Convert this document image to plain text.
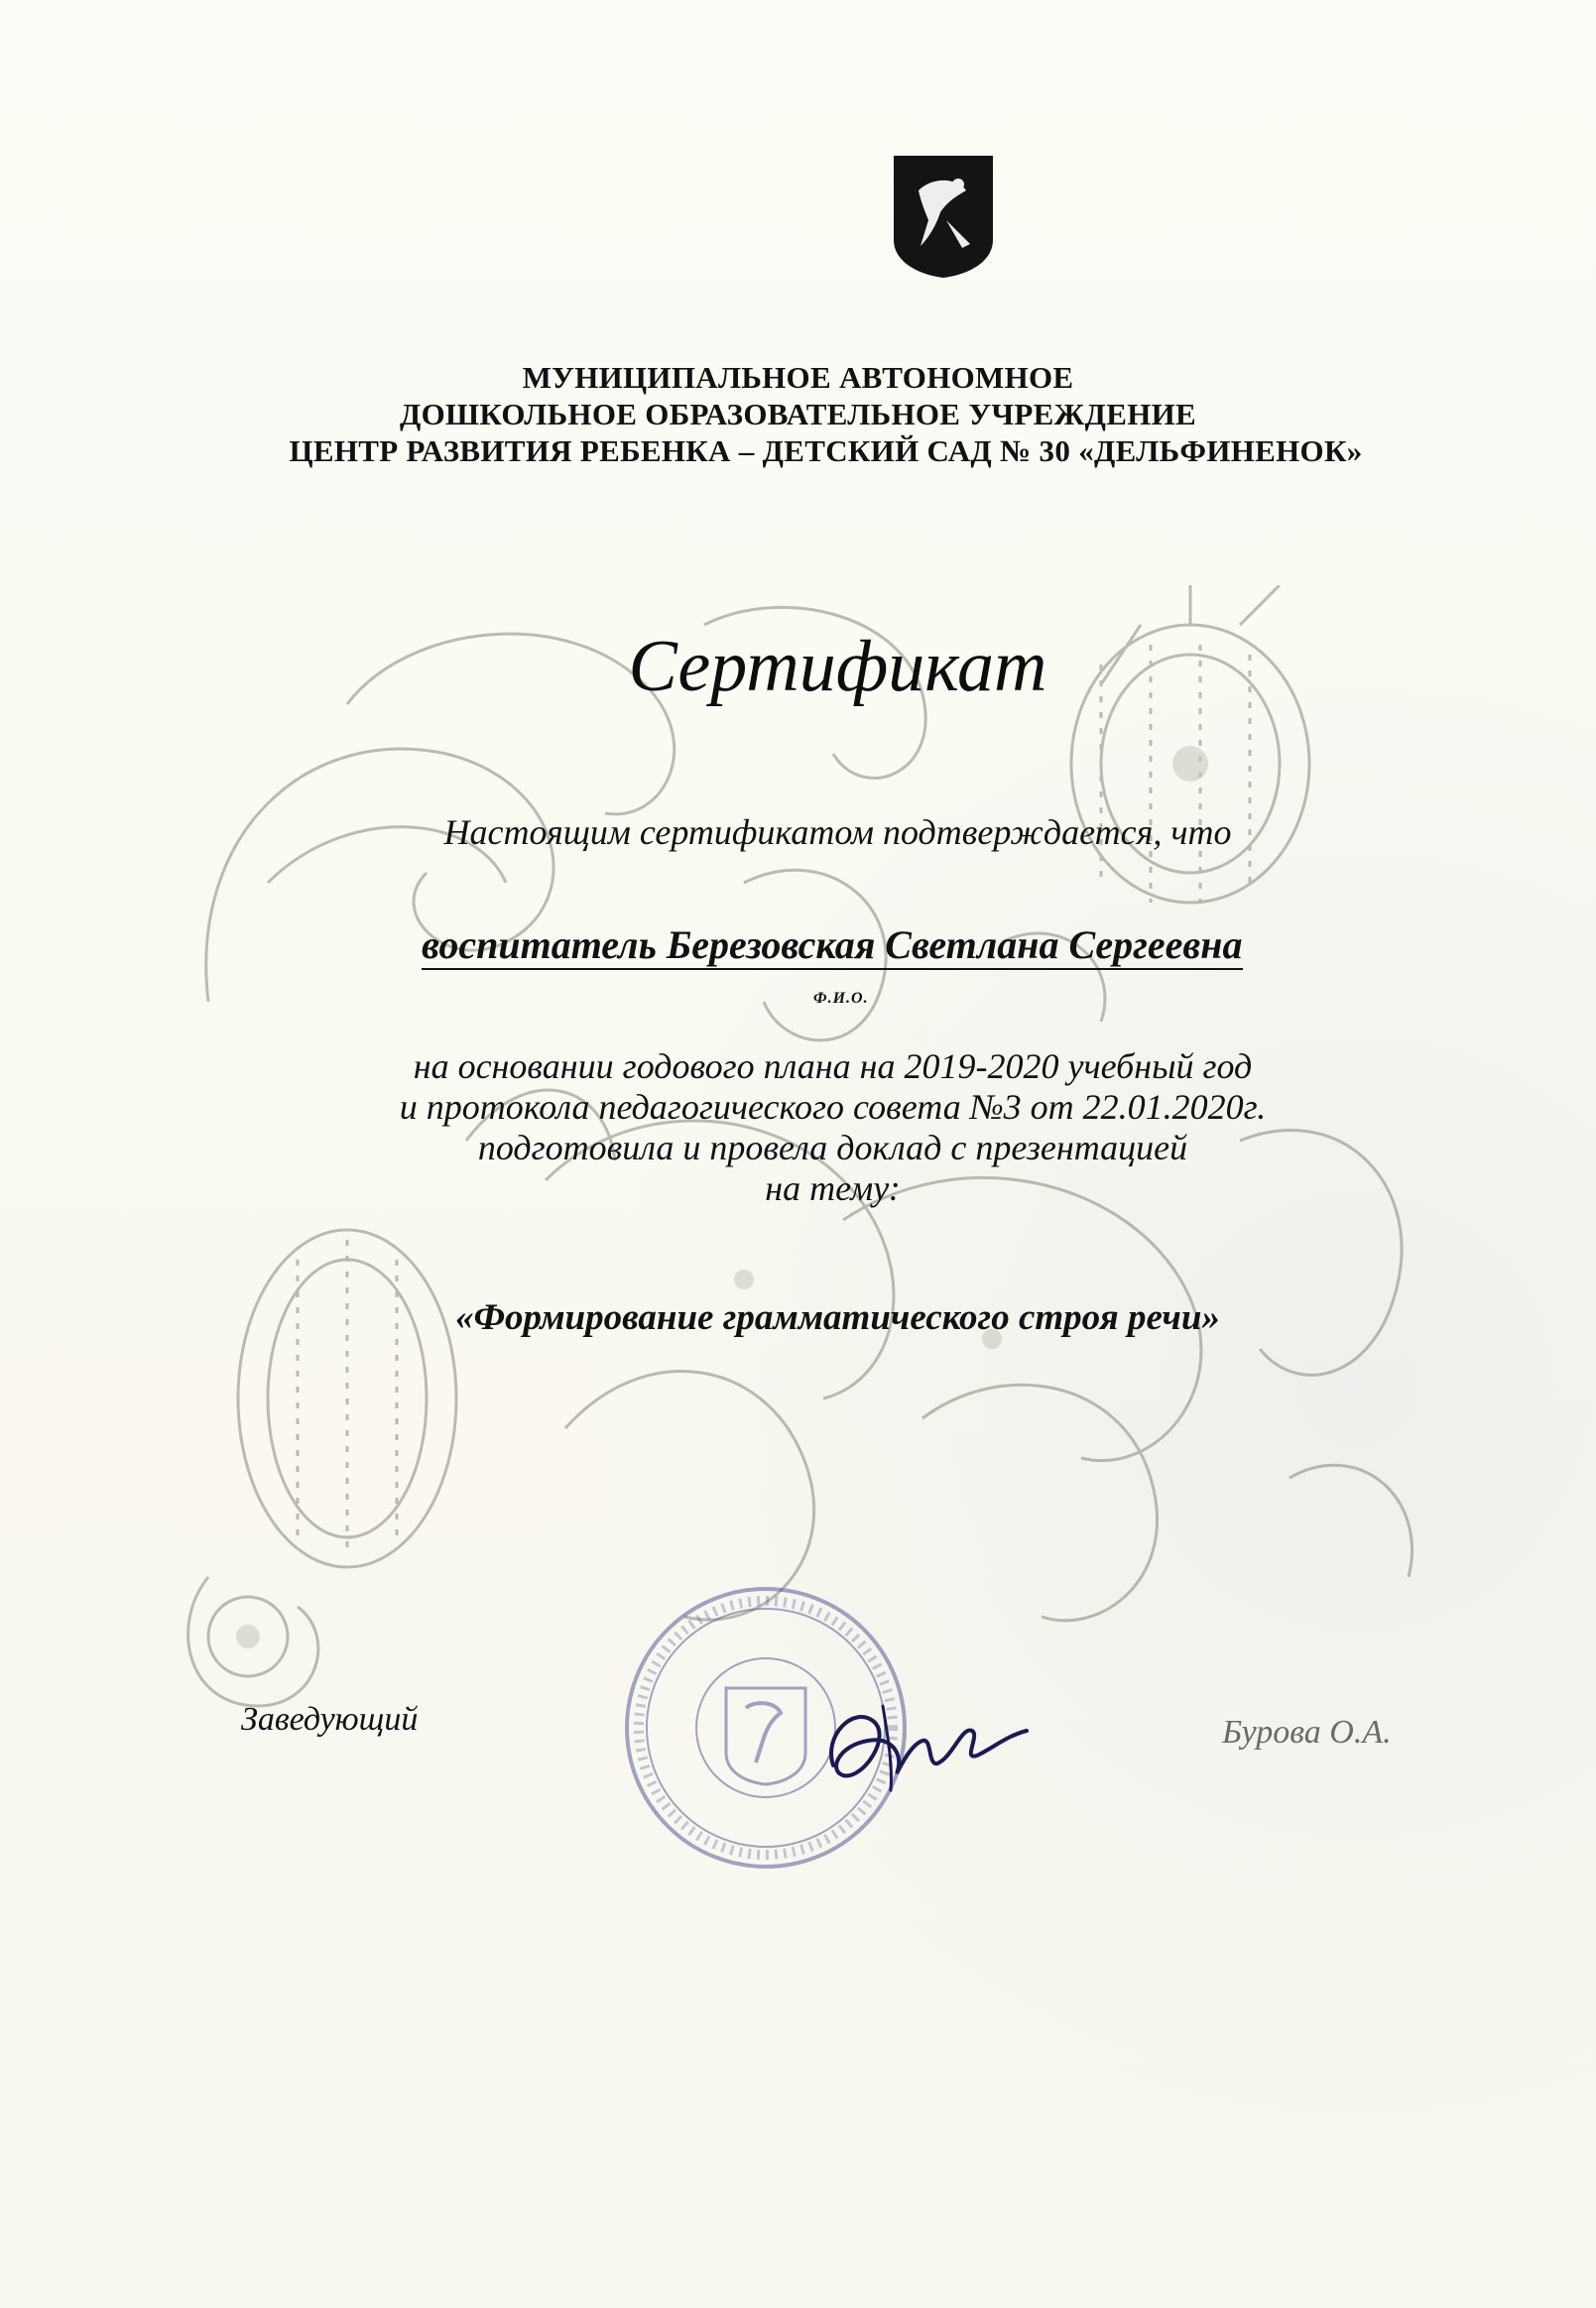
МУНИЦИПАЛЬНОЕ АВТОНОМНОЕ
ДОШКОЛЬНОЕ ОБРАЗОВАТЕЛЬНОЕ УЧРЕЖДЕНИЕ
ЦЕНТР РАЗВИТИЯ РЕБЕНКА – ДЕТСКИЙ САД № 30 «ДЕЛЬФИНЕНОК»
Сертификат
Настоящим сертификатом подтверждается, что
воспитатель Березовская Светлана Сергеевна
Ф.И.О.
на основании годового плана на 2019-2020 учебный год
и протокола педагогического совета №3 от 22.01.2020г.
подготовила и провела доклад с презентацией
на тему:
«Формирование грамматического строя речи»
Заведующий	Бурова О.А.
